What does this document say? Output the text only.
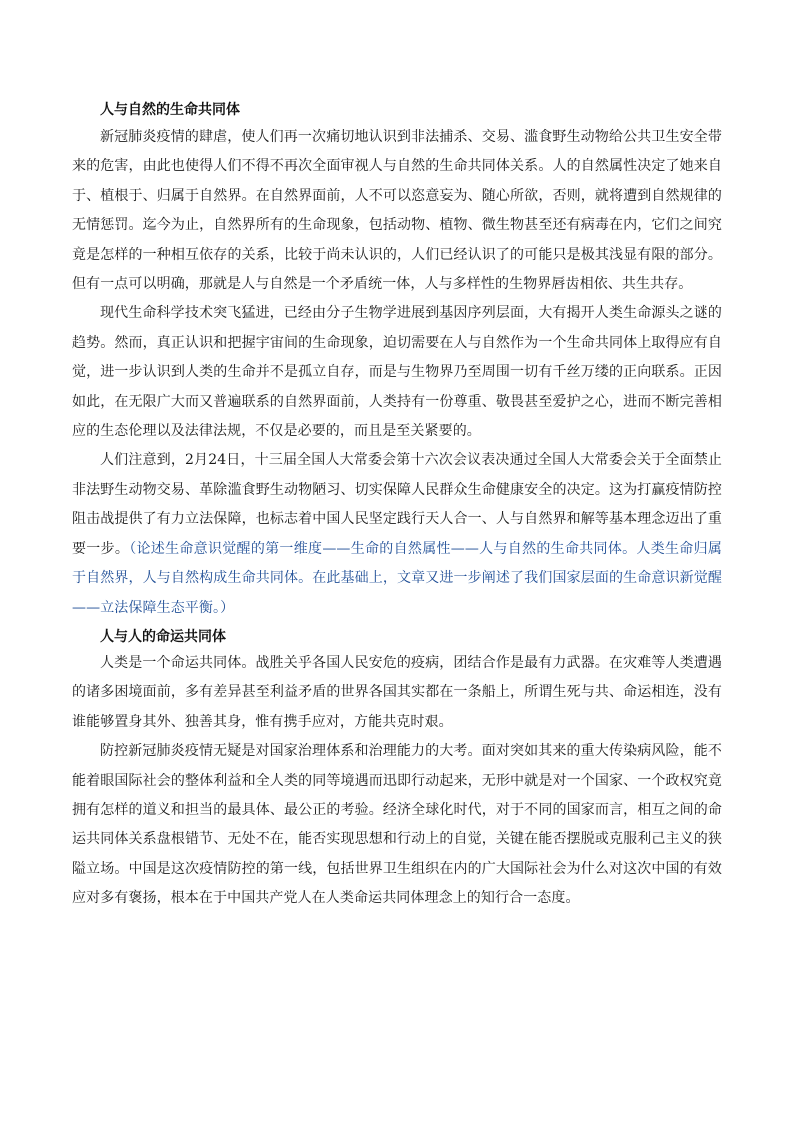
人与自然的生命共同体

新冠肺炎疫情的肆虐，使人们再一次痛切地认识到非法捕杀、交易、滥食野生动物给公共卫生安全带来的危害，由此也使得人们不得不再次全面审视人与自然的生命共同体关系。人的自然属性决定了她来自于、植根于、归属于自然界。在自然界面前，人不可以恣意妄为、随心所欲，否则，就将遭到自然规律的无情惩罚。迄今为止，自然界所有的生命现象，包括动物、植物、微生物甚至还有病毒在内，它们之间究竟是怎样的一种相互依存的关系，比较于尚未认识的，人们已经认识了的可能只是极其浅显有限的部分。但有一点可以明确，那就是人与自然是一个矛盾统一体，人与多样性的生物界唇齿相依、共生共存。

现代生命科学技术突飞猛进，已经由分子生物学进展到基因序列层面，大有揭开人类生命源头之谜的趋势。然而，真正认识和把握宇宙间的生命现象，迫切需要在人与自然作为一个生命共同体上取得应有自觉，进一步认识到人类的生命并不是孤立自存，而是与生物界乃至周围一切有千丝万缕的正向联系。正因如此，在无限广大而又普遍联系的自然界面前，人类持有一份尊重、敬畏甚至爱护之心，进而不断完善相应的生态伦理以及法律法规，不仅是必要的，而且是至关紧要的。

人们注意到，2月24日，十三届全国人大常委会第十六次会议表决通过全国人大常委会关于全面禁止非法野生动物交易、革除滥食野生动物陋习、切实保障人民群众生命健康安全的决定。这为打赢疫情防控阻击战提供了有力立法保障，也标志着中国人民坚定践行天人合一、人与自然界和解等基本理念迈出了重要一步。（论述生命意识觉醒的第一维度——生命的自然属性——人与自然的生命共同体。人类生命归属于自然界，人与自然构成生命共同体。在此基础上，文章又进一步阐述了我们国家层面的生命意识新觉醒——立法保障生态平衡。）

人与人的命运共同体

人类是一个命运共同体。战胜关乎各国人民安危的疫病，团结合作是最有力武器。在灾难等人类遭遇的诸多困境面前，多有差异甚至利益矛盾的世界各国其实都在一条船上，所谓生死与共、命运相连，没有谁能够置身其外、独善其身，惟有携手应对，方能共克时艰。

防控新冠肺炎疫情无疑是对国家治理体系和治理能力的大考。面对突如其来的重大传染病风险，能不能着眼国际社会的整体利益和全人类的同等境遇而迅即行动起来，无形中就是对一个国家、一个政权究竟拥有怎样的道义和担当的最具体、最公正的考验。经济全球化时代，对于不同的国家而言，相互之间的命运共同体关系盘根错节、无处不在，能否实现思想和行动上的自觉，关键在能否摆脱或克服利己主义的狭隘立场。中国是这次疫情防控的第一线，包括世界卫生组织在内的广大国际社会为什么对这次中国的有效应对多有褒扬，根本在于中国共产党人在人类命运共同体理念上的知行合一态度。
